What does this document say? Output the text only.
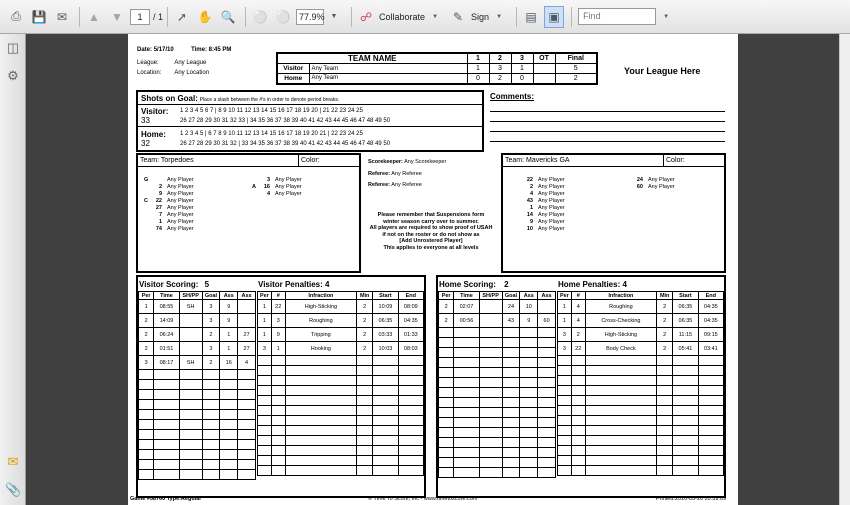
⎙ 💾 ✉	▲ ▼	1	/ 1	➚ ✋ 🔍 ⚪ ⚪ 77.9% ▼	☍ Collaborate	▼	✎ Sign	▼	▤ ▣	Find	▼
◫
⚙
✉
📎
Date: 5/17/10	Time: 8:45 PM
League:	Any League
Location: Any Location
TEAM NAME		1	2	3	OT	Final
Visitor	Any Team	1	3	1		5
Home	Any Team	0	2	0		2
Your League Here
Shots on Goal: Place a slash between the #'s in order to denote period breaks.
Visitor:
33
1 2 3 4 5 6 7 | 8 9 10 11 12 13 14 15 16 17 18 19 20 | 21 22 23 24 25
26 27 28 29 30 31 32 33 | 34 35 36 37 38 39 40 41 42 43 44 45 46 47 48 49 50
Home:
32
1 2 3 4 5 | 6 7 8 9 10 11 12 13 14 15 16 17 18 19 20 21 | 22 23 24 25
26 27 28 29 30 31 32 | 33 34 35 36 37 38 39 40 41 42 43 44 45 46 47 48 49 50
Comments:
Team: Torpedoes	Color:
G	Any Player
2 Any Player
9 Any Player
C	22 Any Player
27 Any Player
7 Any Player
1 Any Player
74 Any Player
3 Any Player
A	16 Any Player
4 Any Player
Scorekeeper: Any Scorekeeper
Referee: Any Referee
Referee: Any Referee
Please remember that Suspensions form
winter season carry over to summer.
All players are required to show proof of USAH
if not on the roster or do not show as
[Add Unrostered Player]
This applies to everyone at all levels
Team: Mavericks GA	Color:
22 Any Player
2 Any Player
4 Any Player
43 Any Player
1 Any Player
14 Any Player
9 Any Player
10 Any Player
24 Any Player
60 Any Player
Visitor Scoring: 5	Visitor Penalties: 4	Home Scoring: 2	Home Penalties: 4
Per	Time	SH/PP	Goal	Ass	Ass
1	08:55	SH	3	9	
2	14:09		3	9	
2	06:24		2	1	27
2	01:51		3	1	27
3	08:17	SH	2	16	4

Per	#	Infraction	Min	Start	End
1	22	High-Sticking	2	10:09	08:09
1	3	Roughing	2	06:35	04:35
1	9	Tripping	2	03:33	01:33
3	1	Hooking	2	10:03	08:03

Per	Time	SH/PP	Goal	Ass	Ass
2	02:07		24	10	
2	00:56		43	9	60

Per	#	Infraction	Min	Start	End
1	4	Roughing	2	06:35	04:35
1	4	Cross-Checking	2	06:35	04:35
3	2	High-Sticking	2	11:15	09:15
3	22	Body Check	2	05:41	03:41

Game #58760 Type:Regular	© Time To Score, Inc - www.timetoscore.com	Printed:2010-05-20 20:39:09
